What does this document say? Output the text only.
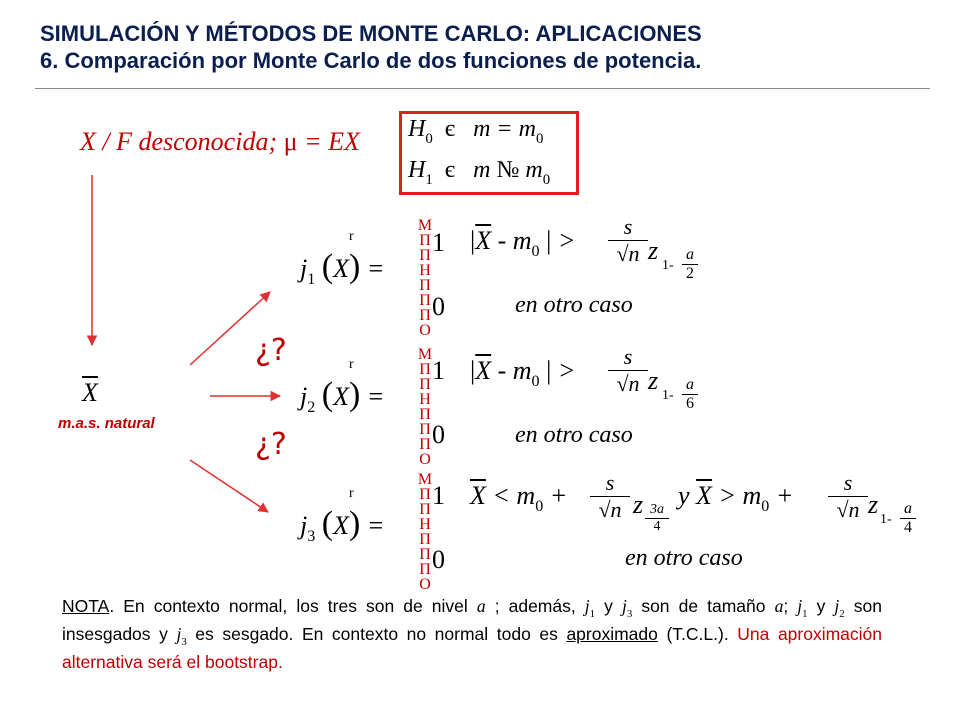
SIMULACIÓN Y MÉTODOS DE MONTE CARLO: APLICACIONES
6. Comparación por Monte Carlo de dos funciones de potencia.
X / F desconocida; μ = EX $H_0$ є   $m = m_0$
$H_1$ є   m № $m_0$
$\overline{X}$
m.a.s. natural
¿?
¿?
$j_1$ (X) =
r
M
П
П
Н
П
П
П
О
1 $|\overline{X} - m_0$ | > $\frac{s}{√n}$ z
$1- \frac{a}{2}$
0	en otro caso
$j_2$ (X) =
r
M
П
П
Н
П
П
П
О
1 $|\overline{X} - m_0$ | > $\frac{s}{√n}$ z
$1- \frac{a}{6}$
0	en otro caso
$j_3$ (X) =
r
M
П
П
Н
П
П
П
О
1 $\overline{X} < m_0 + \frac{s}{√n}$ z $\frac{3a}{4}$
y $\overline{X} > m_0 + \frac{s}{√n}$ z
$1- \frac{a}{4}$
0	en otro caso
NOTA. En contexto normal, los tres son de nivel a ; además, $j_1$ y $j_3$ son de tamaño a; $j_1$ y $j_2$ son insesgados y $j_3$ es sesgado. En contexto no normal todo es aproximado (T.C.L.). Una aproximación alternativa será el bootstrap.
